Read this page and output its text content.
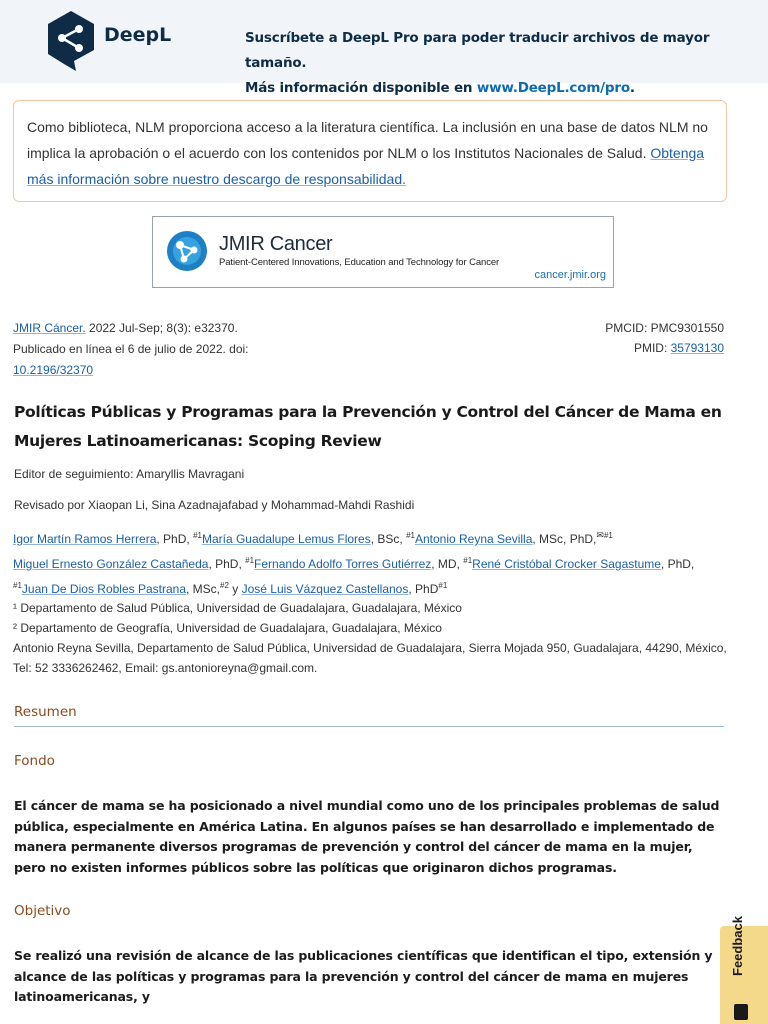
DeepL	Suscríbete a DeepL Pro para poder traducir archivos de mayor tamaño.
Más información disponible en www.DeepL.com/pro.
Como biblioteca, NLM proporciona acceso a la literatura científica. La inclusión en una base de datos NLM no implica la aprobación o el acuerdo con los contenidos por NLM o los Institutos Nacionales de Salud. Obtenga más información sobre nuestro descargo de responsabilidad.
JMIR Cancer
Patient-Centered Innovations, Education and Technology for Cancer
cancer.jmir.org
JMIR Cáncer. 2022 Jul-Sep; 8(3): e32370.
Publicado en línea el 6 de julio de 2022. doi:
10.2196/32370
PMCID: PMC9301550
PMID: 35793130
Políticas Públicas y Programas para la Prevención y Control del Cáncer de Mama en Mujeres Latinoamericanas: Scoping Review
Editor de seguimiento: Amaryllis Mavragani
Revisado por Xiaopan Li, Sina Azadnajafabad y Mohammad-Mahdi Rashidi
Igor Martín Ramos Herrera, PhD, $^{\#1}$María Guadalupe Lemus Flores, BSc, $^{\#1}$Antonio Reyna Sevilla, MSc, PhD,$^{✉\#1}$
Miguel Ernesto González Castañeda, PhD, $^{\#1}$Fernando Adolfo Torres Gutiérrez, MD, $^{\#1}$René Cristóbal Crocker Sagastume, PhD,
$^{\#1}$Juan De Dios Robles Pastrana, MSc,$^{\#2}$ y José Luis Vázquez Castellanos, PhD$^{\#1}$
¹ Departamento de Salud Pública, Universidad de Guadalajara, Guadalajara, México
² Departamento de Geografía, Universidad de Guadalajara, Guadalajara, México
Antonio Reyna Sevilla, Departamento de Salud Pública, Universidad de Guadalajara, Sierra Mojada 950, Guadalajara, 44290, México,
Tel: 52 3336262462, Email: gs.antonioreyna@gmail.com.
Resumen
Fondo
El cáncer de mama se ha posicionado a nivel mundial como uno de los principales problemas de salud pública, especialmente en América Latina. En algunos países se han desarrollado e implementado de manera permanente diversos programas de prevención y control del cáncer de mama en la mujer, pero no existen informes públicos sobre las políticas que originaron dichos programas.
Objetivo
Se realizó una revisión de alcance de las publicaciones científicas que identifican el tipo, extensión y alcance de las políticas y programas para la prevención y control del cáncer de mama en mujeres latinoamericanas, y
Feedback
